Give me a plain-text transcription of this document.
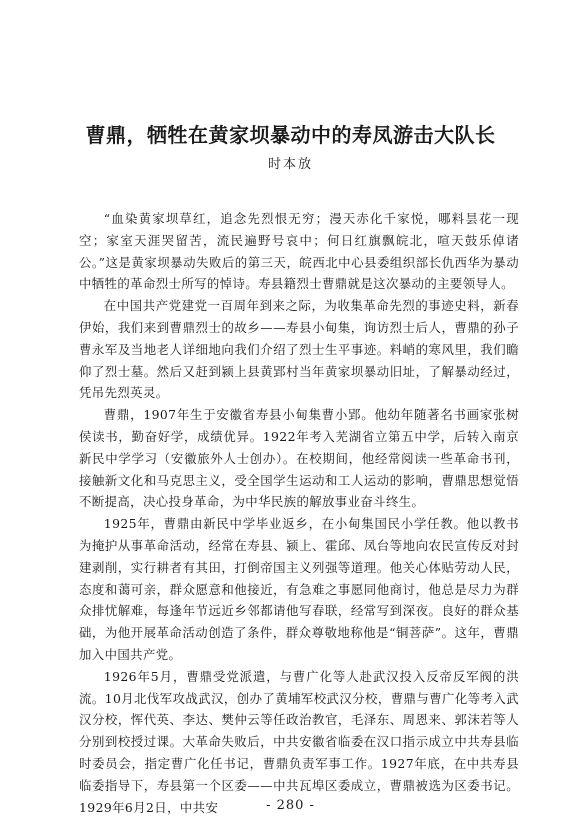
曹鼎，牺牲在黄家坝暴动中的寿凤游击大队长
时本放

“血染黄家坝草红，追念先烈恨无穷；漫天赤化千家悦，哪料昙花一现空；家室天涯哭留苦，流民遍野号哀中；何日红旗飘皖北，喧天鼓乐倬诸公。”这是黄家坝暴动失败后的第三天，皖西北中心县委组织部长仇西华为暴动中牺牲的革命烈士所写的悼诗。寿县籍烈士曹鼎就是这次暴动的主要领导人。

在中国共产党建党一百周年到来之际，为收集革命先烈的事迹史料，新春伊始，我们来到曹鼎烈士的故乡——寿县小甸集，询访烈士后人，曹鼎的孙子曹永军及当地老人详细地向我们介绍了烈士生平事迹。料峭的寒风里，我们瞻仰了烈士墓。然后又赶到颍上县黄郢村当年黄家坝暴动旧址，了解暴动经过，凭吊先烈英灵。

曹鼎，1907年生于安徽省寿县小甸集曹小郢。他幼年随著名书画家张树侯读书，勤奋好学，成绩优异。1922年考入芜湖省立第五中学，后转入南京新民中学学习（安徽旅外人士创办）。在校期间，他经常阅读一些革命书刊，接触新文化和马克思主义，受全国学生运动和工人运动的影响，曹鼎思想觉悟不断提高，决心投身革命，为中华民族的解放事业奋斗终生。

1925年，曹鼎由新民中学毕业返乡，在小甸集国民小学任教。他以教书为掩护从事革命活动，经常在寿县、颍上、霍邱、凤台等地向农民宣传反对封建剥削，实行耕者有其田，打倒帝国主义列强等道理。他关心体贴劳动人民，态度和蔼可亲，群众愿意和他接近，有急难之事愿同他商讨，他总是尽力为群众排忧解难，每逢年节远近乡邻都请他写春联，经常写到深夜。良好的群众基础，为他开展革命活动创造了条件，群众尊敬地称他是“铜菩萨”。这年，曹鼎加入中国共产党。

1926年5月，曹鼎受党派遣，与曹广化等人赴武汉投入反帝反军阀的洪流。10月北伐军攻战武汉，创办了黄埔军校武汉分校，曹鼎与曹广化等考入武汉分校，恽代英、李达、樊仲云等任政治教官，毛泽东、周恩来、郭沫若等人分别到校授过课。大革命失败后，中共安徽省临委在汉口指示成立中共寿县临时委员会，指定曹广化任书记，曹鼎负责军事工作。1927年底，在中共寿县临委指导下，寿县第一个区委——中共瓦埠区委成立，曹鼎被选为区委书记。1929年6月2日，中共安	- 280 -
